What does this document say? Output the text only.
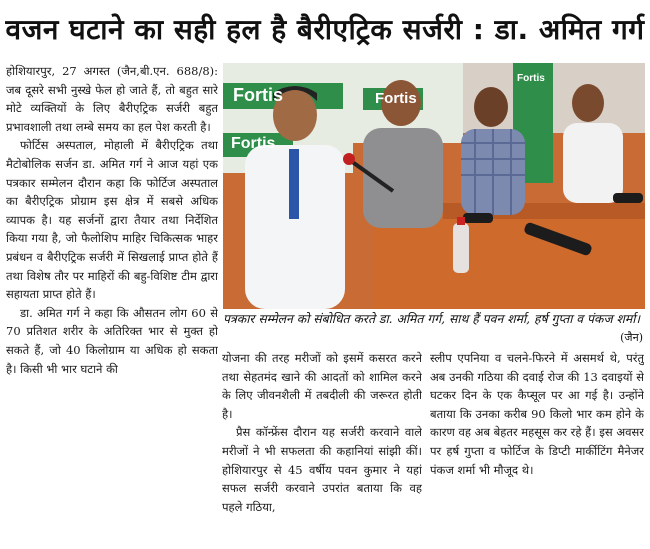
वजन घटाने का सही हल है बैरीएट्रिक सर्जरी : डा. अमित गर्ग

होशियारपुर, 27 अगस्त (जैन,बी.एन. 688/8): जब दूसरे सभी नुस्खे फेल हो जाते हैं, तो बहुत सारे मोटे व्यक्तियों के लिए बैरीएट्रिक सर्जरी बहुत प्रभावशाली तथा लम्बे समय का हल पेश करती है।

फोर्टिस अस्पताल, मोहाली में बैरीएट्रिक तथा मैटोबोलिक सर्जन डा. अमित गर्ग ने आज यहां एक पत्रकार सम्मेलन दौरान कहा कि फोर्टिज अस्पताल का बैरीएट्रिक प्रोग्राम इस क्षेत्र में सबसे अधिक व्यापक है। यह सर्जनों द्वारा तैयार तथा निर्देशित किया गया है, जो फैलोशिप माहिर चिकित्सक भाहर प्रबंधन व बैरीएट्रिक सर्जरी में सिखलाई प्राप्त होते हैं तथा विशेष तौर पर माहिरों की बहु-विशिष्ट टीम द्वारा सहायता प्राप्त होते हैं।

डा. अमित गर्ग ने कहा कि औसतन लोग 60 से 70 प्रतिशत शरीर के अतिरिक्त भार से मुक्त हो सकते हैं, जो 40 किलोग्राम या अधिक हो सकता है। किसी भी भार घटाने की

Fortis	Fortis
Fortis
Fortis
पत्रकार सम्मेलन को संबोधित करते डा. अमित गर्ग, साथ हैं पवन शर्मा, हर्ष गुप्ता व पंकज शर्मा।
(जैन)

योजना की तरह मरीजों को इसमें कसरत करने तथा सेहतमंद खाने की आदतों को शामिल करने के लिए जीवनशैली में तबदीली की जरूरत होती है।

प्रैस कॉन्फ्रेंस दौरान यह सर्जरी करवाने वाले मरीजों ने भी सफलता की कहानियां सांझी कीं। होशियारपुर से 45 वर्षीय पवन कुमार ने यहां सफल सर्जरी करवाने उपरांत बताया कि वह पहले गठिया,

स्लीप एपनिया व चलने-फिरने में असमर्थ थे, परंतु अब उनकी गठिया की दवाई रोज की 13 दवाइयों से घटकर दिन के एक कैप्सूल पर आ गई है। उन्होंने बताया कि उनका करीब 90 किलो भार कम होने के कारण वह अब बेहतर महसूस कर रहे हैं। इस अवसर पर हर्ष गुप्ता व फोर्टिज के डिप्टी मार्कीटिंग मैनेजर पंकज शर्मा भी मौजूद थे।
